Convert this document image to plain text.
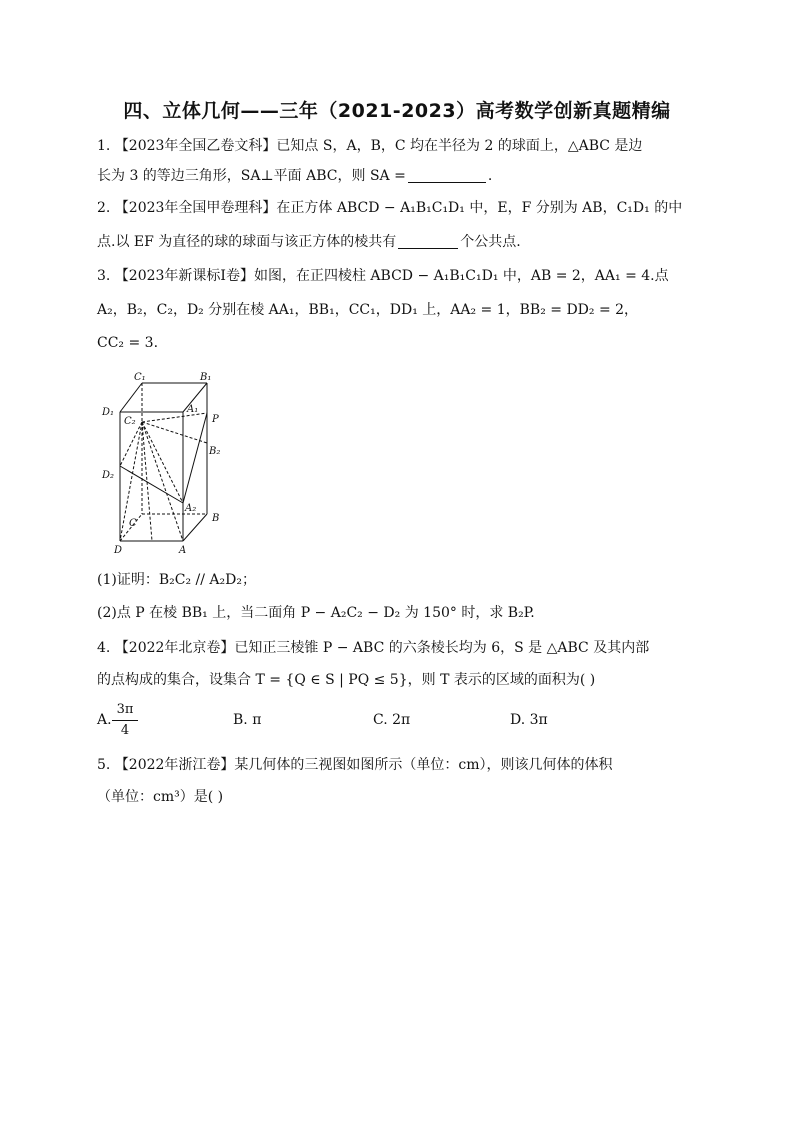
四、立体几何——三年（2021-2023）高考数学创新真题精编
1. 【2023年全国乙卷文科】已知点 S，A，B，C 均在半径为 2 的球面上，△ABC 是边
长为 3 的等边三角形，SA⊥平面 ABC，则 SA =	.
2. 【2023年全国甲卷理科】在正方体 ABCD − A₁B₁C₁D₁ 中，E，F 分别为 AB，C₁D₁ 的中
点.以 EF 为直径的球的球面与该正方体的棱共有	个公共点.
3. 【2023年新课标Ⅰ卷】如图，在正四棱柱 ABCD − A₁B₁C₁D₁ 中，AB = 2，AA₁ = 4.点
A₂，B₂，C₂，D₂ 分别在棱 AA₁，BB₁，CC₁，DD₁ 上，AA₂ = 1，BB₂ = DD₂ = 2，
CC₂ = 3.
C₁	B₁
D₁	A₁
P
C₂
B₂
D₂
A₂
C	B
D	A
(1)证明：B₂C₂ // A₂D₂；
(2)点 P 在棱 BB₁ 上，当二面角 P − A₂C₂ − D₂ 为 150° 时，求 B₂P.
4. 【2022年北京卷】已知正三棱锥 P − ABC 的六条棱长均为 6，S 是 △ABC 及其内部
的点构成的集合，设集合 T = {Q ∈ S | PQ ≤ 5}，则 T 表示的区域的面积为( )
A.
3π
4
B. π	C. 2π	D. 3π
5. 【2022年浙江卷】某几何体的三视图如图所示（单位：cm），则该几何体的体积
（单位：cm³）是( )
